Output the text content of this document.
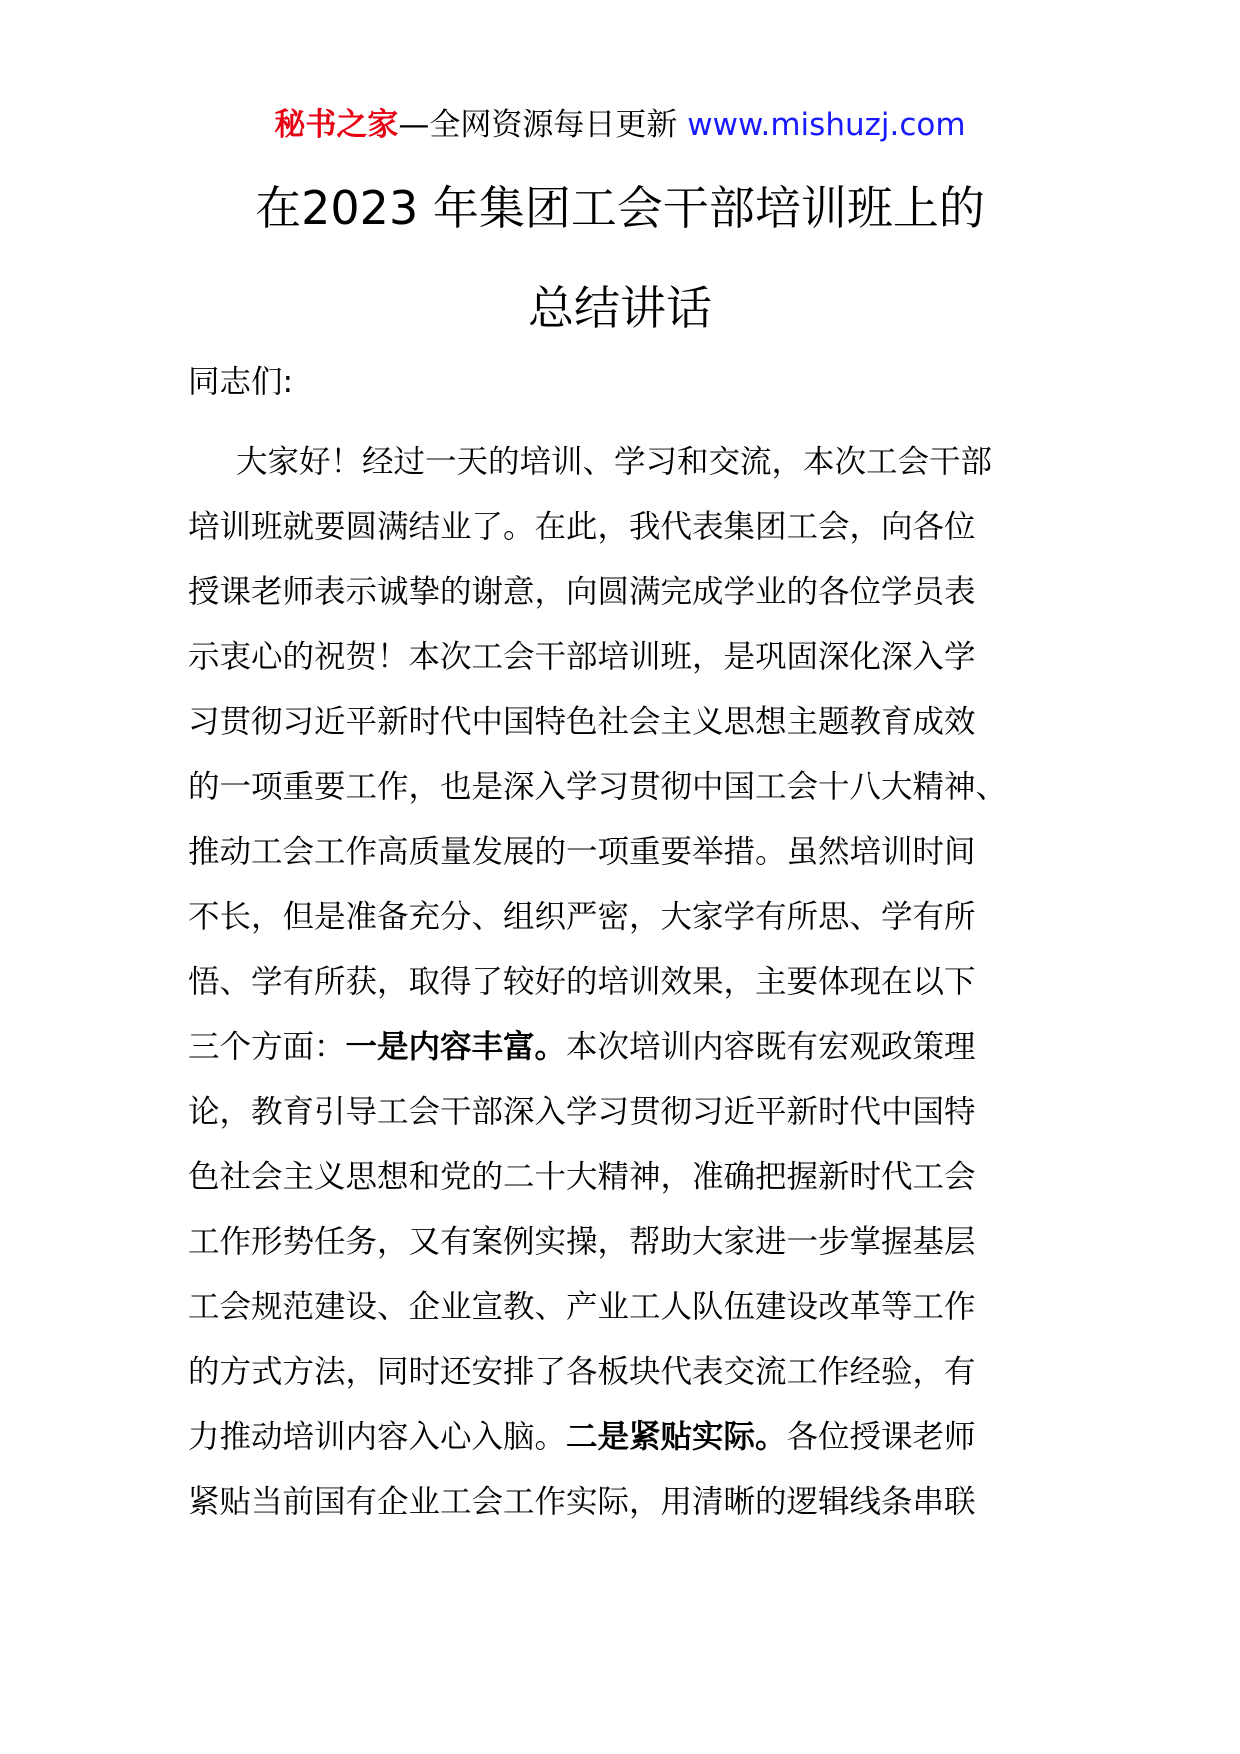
秘书之家—全网资源每日更新 www.mishuzj.com
在2023 年集团工会干部培训班上的
总结讲话

同志们:

大家好！经过一天的培训、学习和交流，本次工会干部
培训班就要圆满结业了。在此，我代表集团工会，向各位
授课老师表示诚挚的谢意，向圆满完成学业的各位学员表
示衷心的祝贺！本次工会干部培训班，是巩固深化深入学
习贯彻习近平新时代中国特色社会主义思想主题教育成效
的一项重要工作，也是深入学习贯彻中国工会十八大精神、
推动工会工作高质量发展的一项重要举措。虽然培训时间
不长，但是准备充分、组织严密，大家学有所思、学有所
悟、学有所获，取得了较好的培训效果，主要体现在以下
三个方面：一是内容丰富。本次培训内容既有宏观政策理
论，教育引导工会干部深入学习贯彻习近平新时代中国特
色社会主义思想和党的二十大精神，准确把握新时代工会
工作形势任务，又有案例实操，帮助大家进一步掌握基层
工会规范建设、企业宣教、产业工人队伍建设改革等工作
的方式方法，同时还安排了各板块代表交流工作经验，有
力推动培训内容入心入脑。二是紧贴实际。各位授课老师
紧贴当前国有企业工会工作实际，用清晰的逻辑线条串联
